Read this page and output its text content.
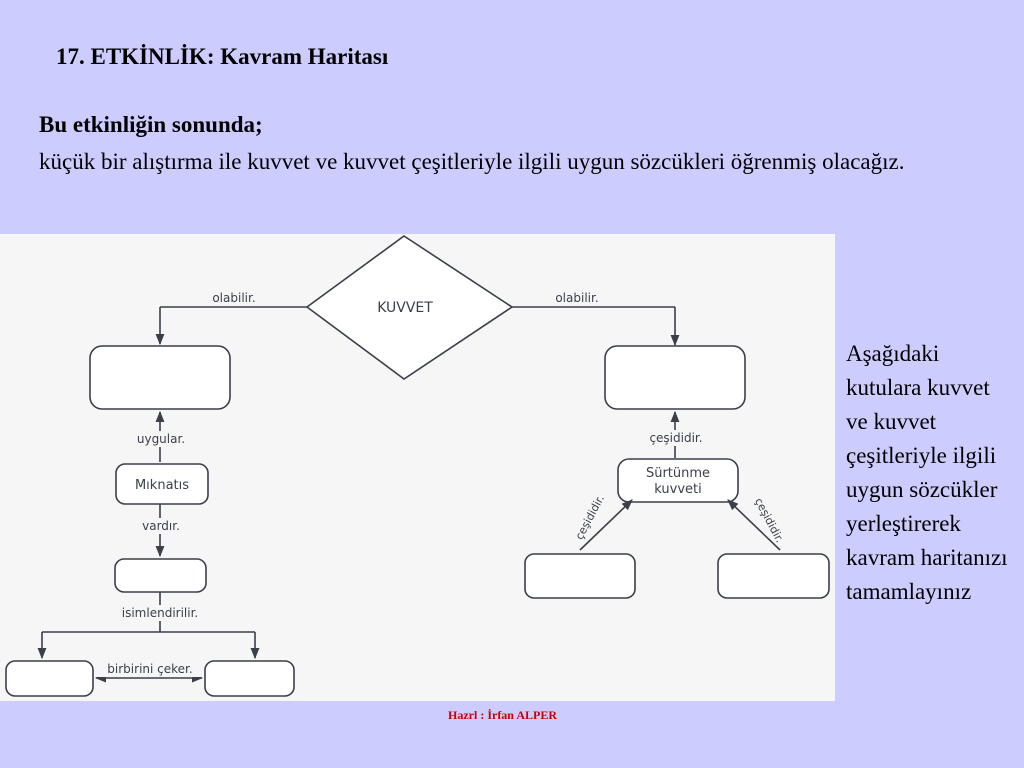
17. ETKİNLİK: Kavram Haritası
Bu etkinliğin sonunda;
küçük bir alıştırma ile kuvvet ve kuvvet çeşitleriyle ilgili uygun sözcükleri öğrenmiş olacağız.
KUVVET
olabilir.	olabilir.
uygular.
Mıknatıs
vardır.
isimlendirilir.
birbirini çeker.
çeşididir.
Sürtünme
kuvveti
çeşididir.	çeşididir.
Aşağıdaki kutulara kuvvet ve kuvvet çeşitleriyle ilgili uygun sözcükler yerleştirerek kavram haritanızı tamamlayınız
Hazrl : İrfan ALPER
